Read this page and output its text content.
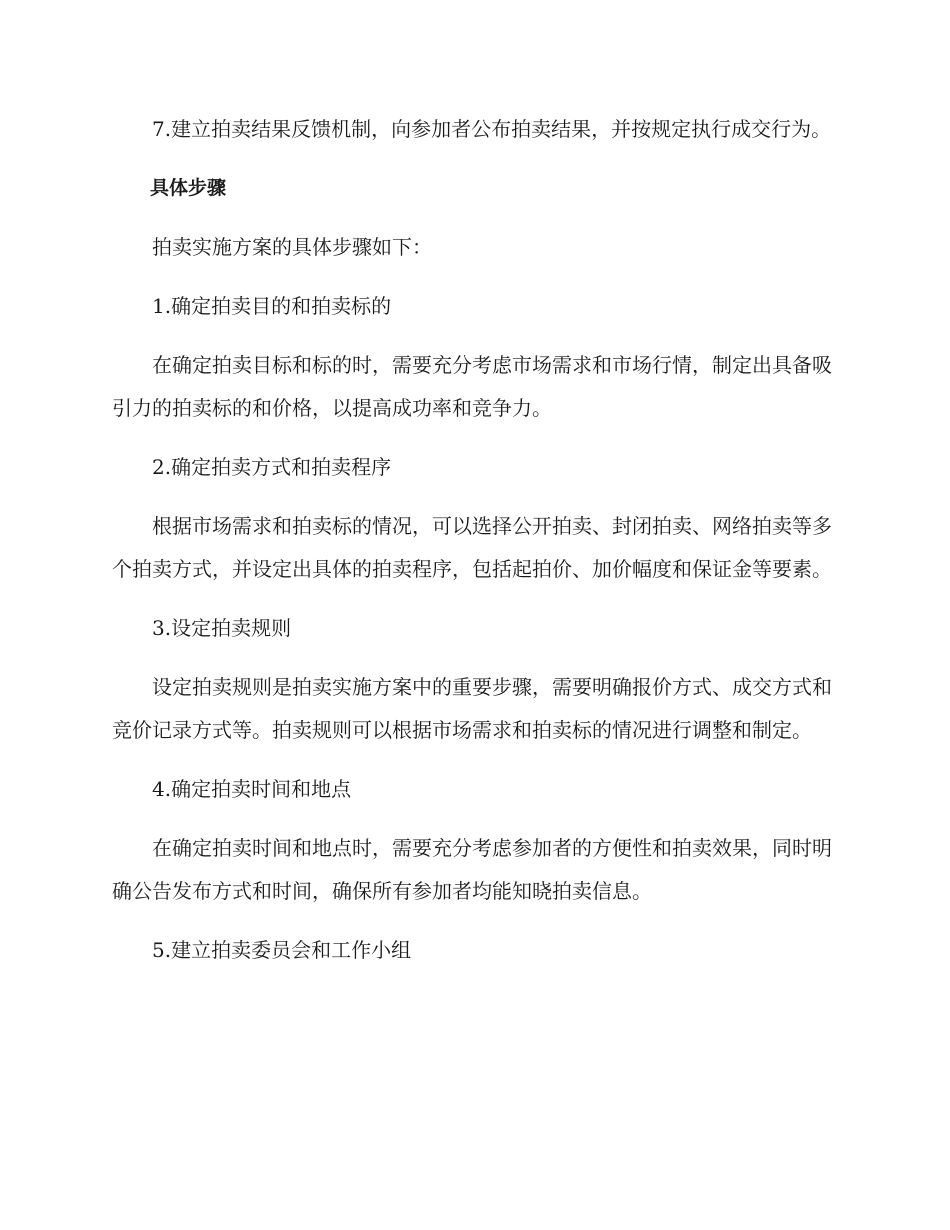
7.建立拍卖结果反馈机制，向参加者公布拍卖结果，并按规定执行成交行为。

具体步骤

拍卖实施方案的具体步骤如下：

1.确定拍卖目的和拍卖标的

在确定拍卖目标和标的时，需要充分考虑市场需求和市场行情，制定出具备吸引力的拍卖标的和价格，以提高成功率和竞争力。

2.确定拍卖方式和拍卖程序

根据市场需求和拍卖标的情况，可以选择公开拍卖、封闭拍卖、网络拍卖等多个拍卖方式，并设定出具体的拍卖程序，包括起拍价、加价幅度和保证金等要素。

3.设定拍卖规则

设定拍卖规则是拍卖实施方案中的重要步骤，需要明确报价方式、成交方式和竞价记录方式等。拍卖规则可以根据市场需求和拍卖标的情况进行调整和制定。

4.确定拍卖时间和地点

在确定拍卖时间和地点时，需要充分考虑参加者的方便性和拍卖效果，同时明确公告发布方式和时间，确保所有参加者均能知晓拍卖信息。

5.建立拍卖委员会和工作小组
